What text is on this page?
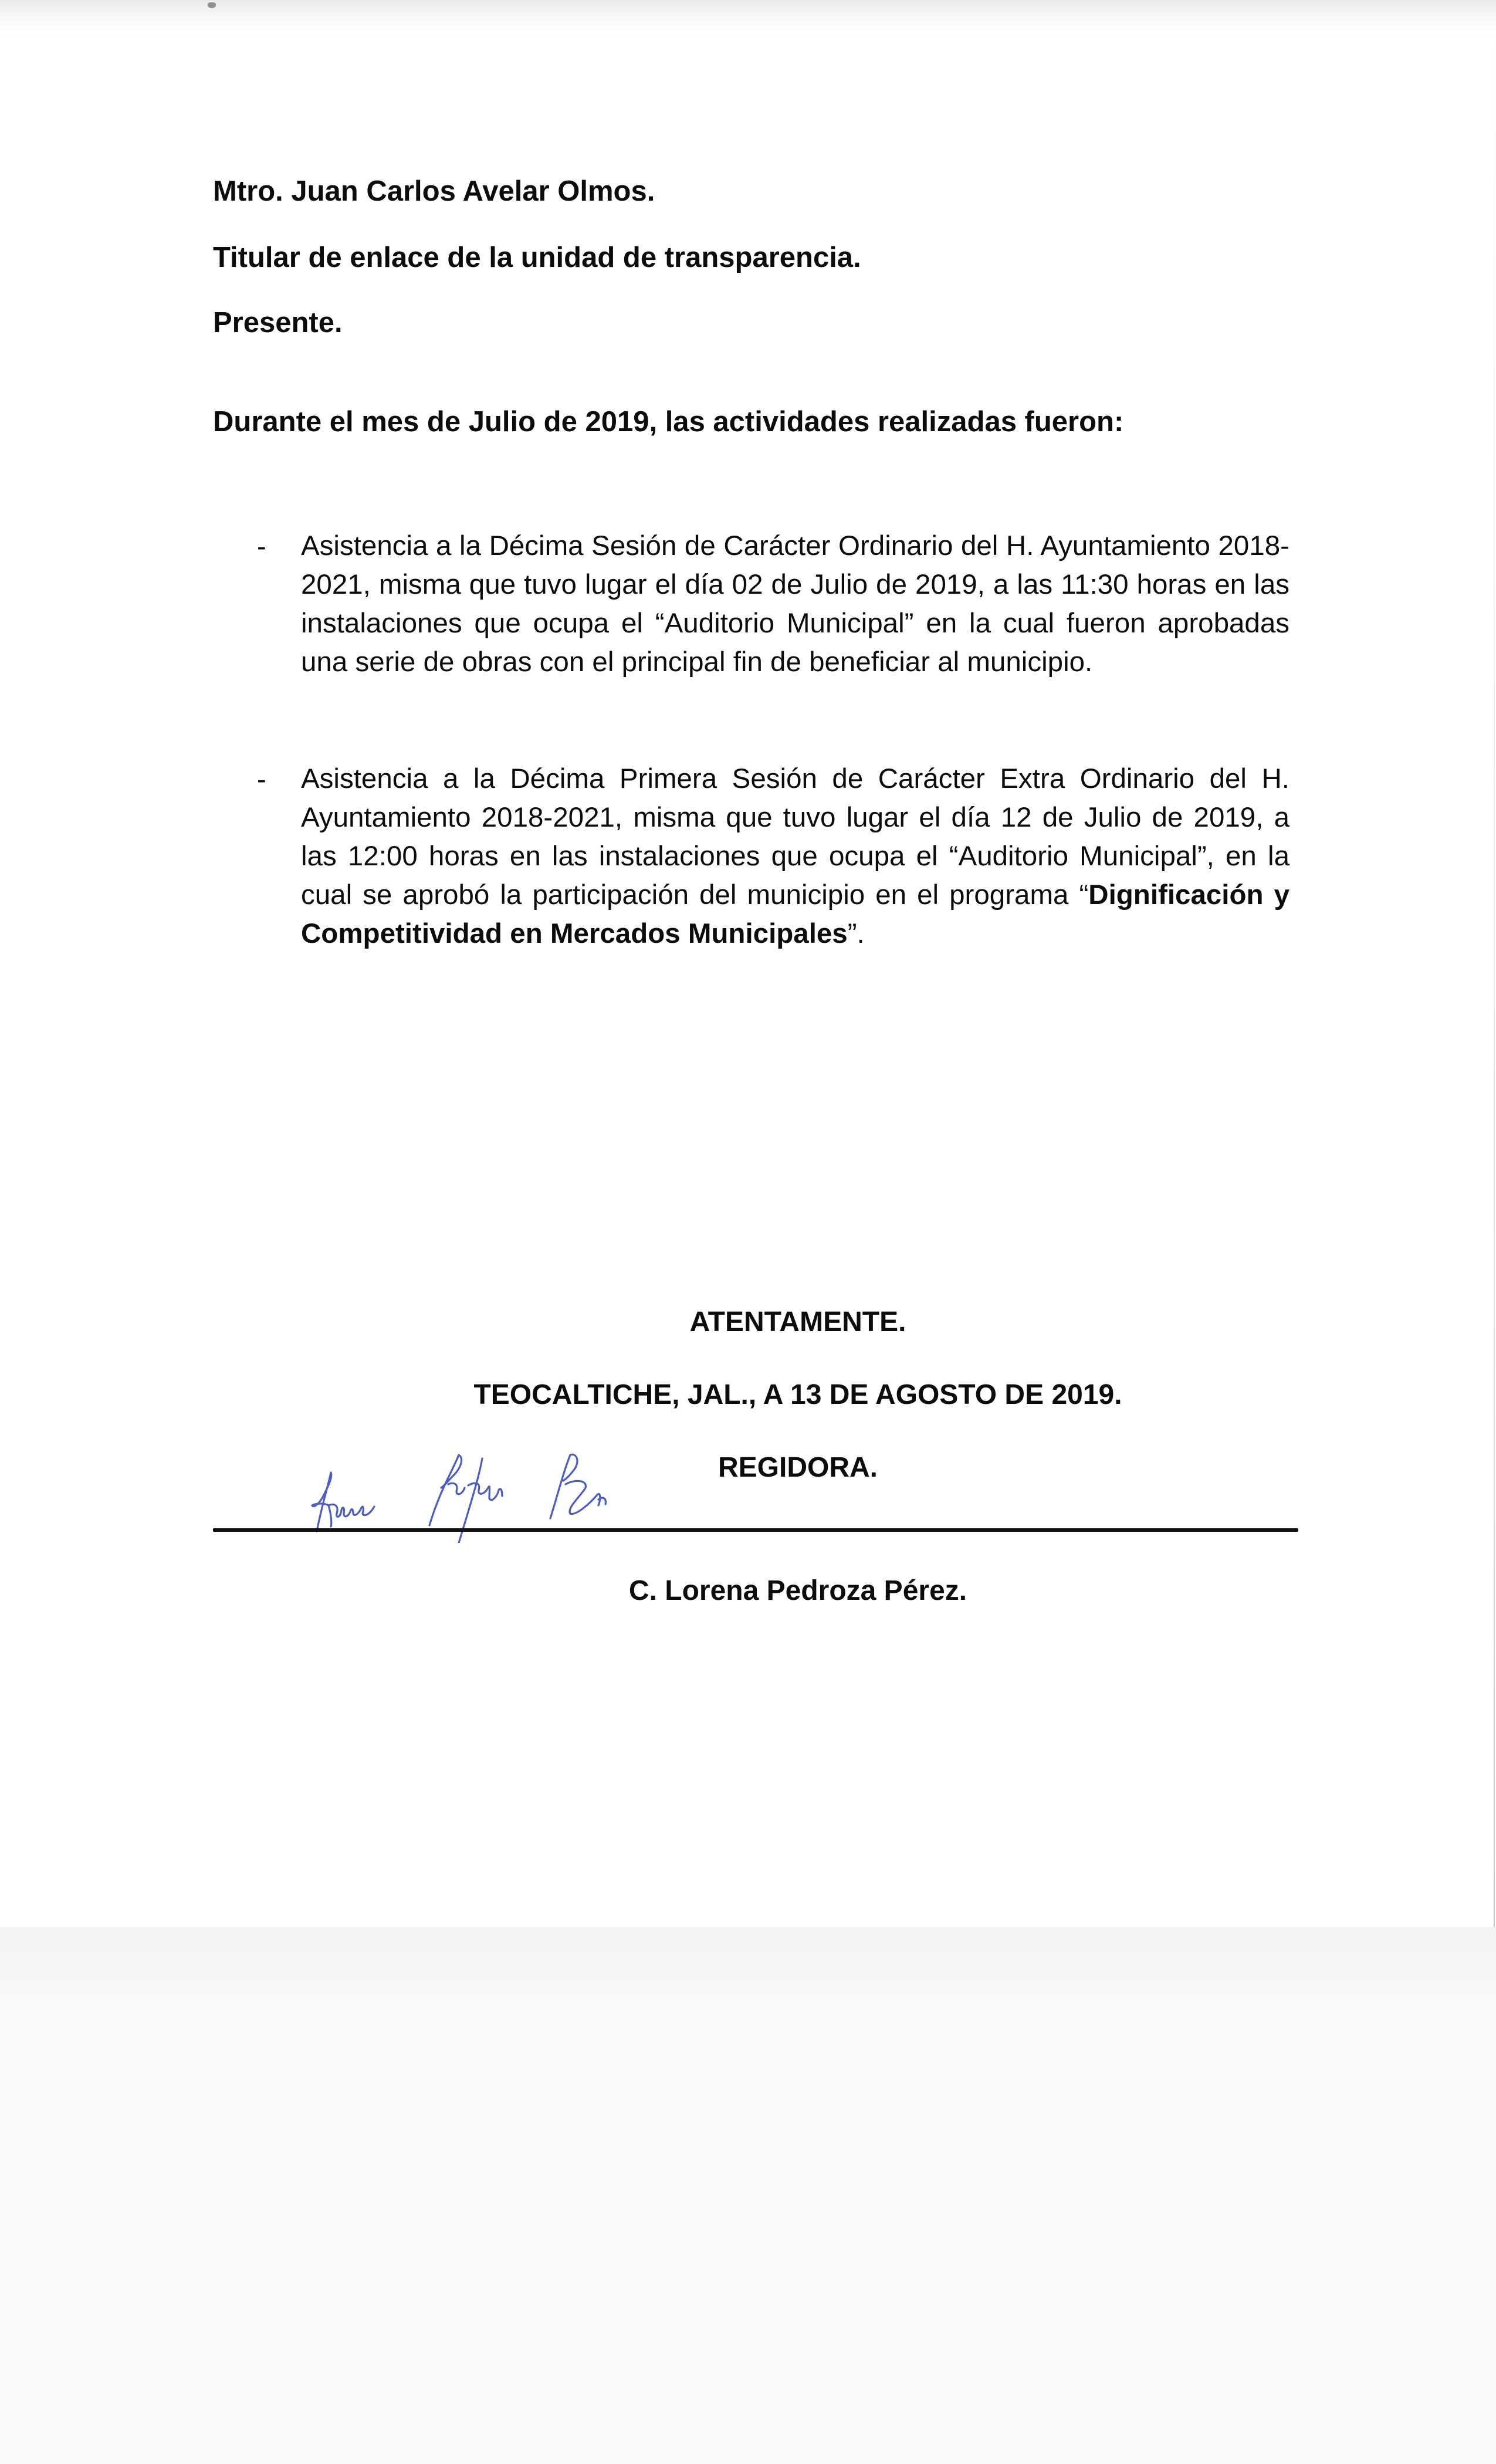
Mtro. Juan Carlos Avelar Olmos.

Titular de enlace de la unidad de transparencia.

Presente.

Durante el mes de Julio de 2019, las actividades realizadas fueron:

- Asistencia a la Décima Sesión de Carácter Ordinario del H. Ayuntamiento 2018-2021, misma que tuvo lugar el día 02 de Julio de 2019, a las 11:30 horas en las instalaciones que ocupa el “Auditorio Municipal” en la cual fueron aprobadas una serie de obras con el principal fin de beneficiar al municipio.

- Asistencia a la Décima Primera Sesión de Carácter Extra Ordinario del H. Ayuntamiento 2018-2021, misma que tuvo lugar el día 12 de Julio de 2019, a las 12:00 horas en las instalaciones que ocupa el “Auditorio Municipal”, en la cual se aprobó la participación del municipio en el programa “Dignificación y Competitividad en Mercados Municipales”.

ATENTAMENTE.
TEOCALTICHE, JAL., A 13 DE AGOSTO DE 2019.
REGIDORA.
C. Lorena Pedroza Pérez.
